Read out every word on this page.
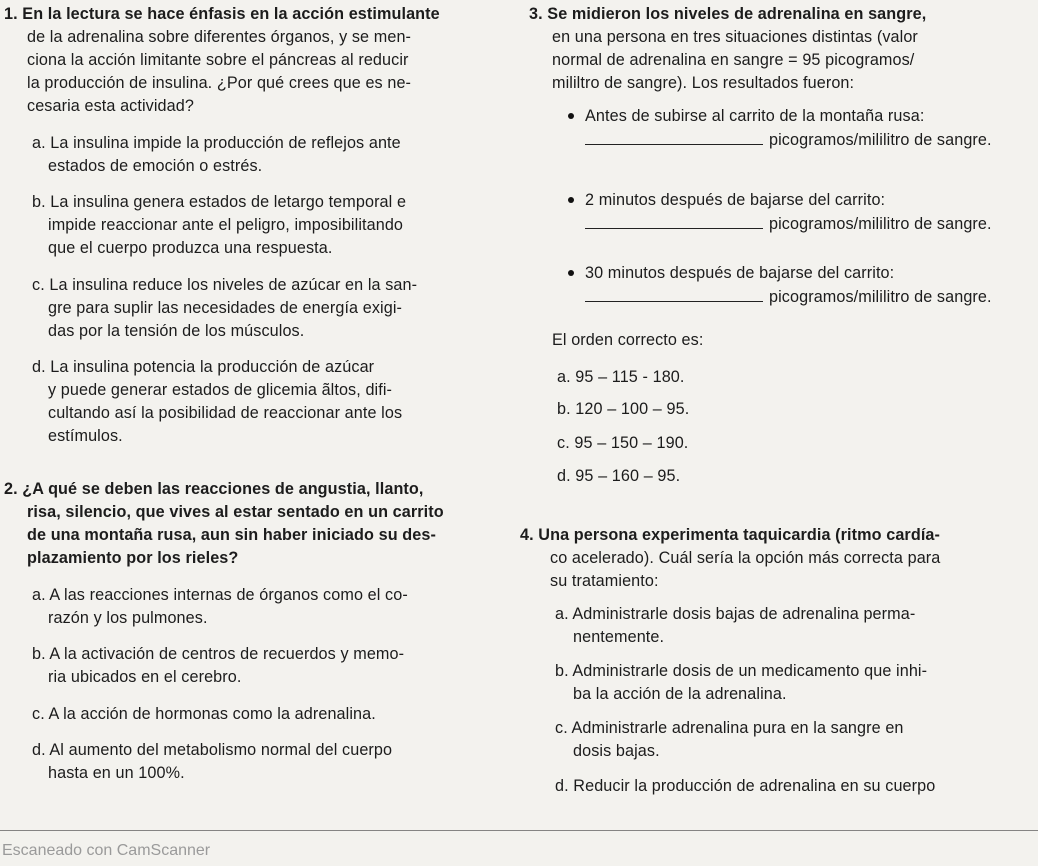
1. En la lectura se hace énfasis en la acción estimulante
de la adrenalina sobre diferentes órganos, y se men-
ciona la acción limitante sobre el páncreas al reducir
la producción de insulina. ¿Por qué crees que es ne-
cesaria esta actividad?
a. La insulina impide la producción de reflejos ante
estados de emoción o estrés.
b. La insulina genera estados de letargo temporal e
impide reaccionar ante el peligro, imposibilitando
que el cuerpo produzca una respuesta.
c. La insulina reduce los niveles de azúcar en la san-
gre para suplir las necesidades de energía exigi-
das por la tensión de los músculos.
d. La insulina potencia la producción de azúcar
y puede generar estados de glicemia ãltos, difi-
cultando así la posibilidad de reaccionar ante los
estímulos.
2. ¿A qué se deben las reacciones de angustia, llanto,
risa, silencio, que vives al estar sentado en un carrito
de una montaña rusa, aun sin haber iniciado su des-
plazamiento por los rieles?
a. A las reacciones internas de órganos como el co-
razón y los pulmones.
b. A la activación de centros de recuerdos y memo-
ria ubicados en el cerebro.
c. A la acción de hormonas como la adrenalina.
d. Al aumento del metabolismo normal del cuerpo
hasta en un 100%.
3. Se midieron los niveles de adrenalina en sangre,
en una persona en tres situaciones distintas (valor
normal de adrenalina en sangre = 95 picogramos/
mililtro de sangre). Los resultados fueron:
Antes de subirse al carrito de la montaña rusa:
picogramos/mililitro de sangre.
2 minutos después de bajarse del carrito:
picogramos/mililitro de sangre.
30 minutos después de bajarse del carrito:
picogramos/mililitro de sangre.
El orden correcto es:
a. 95 – 115 - 180.
b. 120 – 100 – 95.
c. 95 – 150 – 190.
d. 95 – 160 – 95.
4. Una persona experimenta taquicardia (ritmo cardía-
co acelerado). Cuál sería la opción más correcta para
su tratamiento:
a. Administrarle dosis bajas de adrenalina perma-
nentemente.
b. Administrarle dosis de un medicamento que inhi-
ba la acción de la adrenalina.
c. Administrarle adrenalina pura en la sangre en
dosis bajas.
d. Reducir la producción de adrenalina en su cuerpo
Escaneado con CamScanner
